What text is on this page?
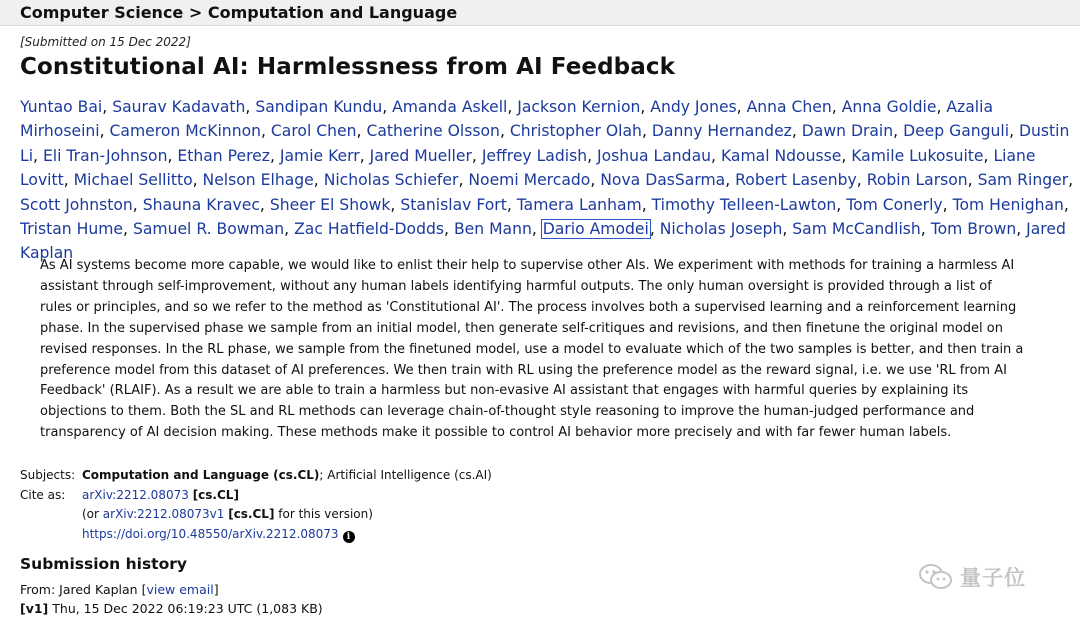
Computer Science > Computation and Language
[Submitted on 15 Dec 2022]
Constitutional AI: Harmlessness from AI Feedback
Yuntao Bai, Saurav Kadavath, Sandipan Kundu, Amanda Askell, Jackson Kernion, Andy Jones, Anna Chen, Anna Goldie, Azalia Mirhoseini, Cameron McKinnon, Carol Chen, Catherine Olsson, Christopher Olah, Danny Hernandez, Dawn Drain, Deep Ganguli, Dustin Li, Eli Tran-Johnson, Ethan Perez, Jamie Kerr, Jared Mueller, Jeffrey Ladish, Joshua Landau, Kamal Ndousse, Kamile Lukosuite, Liane Lovitt, Michael Sellitto, Nelson Elhage, Nicholas Schiefer, Noemi Mercado, Nova DasSarma, Robert Lasenby, Robin Larson, Sam Ringer, Scott Johnston, Shauna Kravec, Sheer El Showk, Stanislav Fort, Tamera Lanham, Timothy Telleen-Lawton, Tom Conerly, Tom Henighan, Tristan Hume, Samuel R. Bowman, Zac Hatfield-Dodds, Ben Mann, Dario Amodei, Nicholas Joseph, Sam McCandlish, Tom Brown, Jared Kaplan

As AI systems become more capable, we would like to enlist their help to supervise other AIs. We experiment with methods for training a harmless AI assistant through self-improvement, without any human labels identifying harmful outputs. The only human oversight is provided through a list of rules or principles, and so we refer to the method as 'Constitutional AI'. The process involves both a supervised learning and a reinforcement learning phase. In the supervised phase we sample from an initial model, then generate self-critiques and revisions, and then finetune the original model on revised responses. In the RL phase, we sample from the finetuned model, use a model to evaluate which of the two samples is better, and then train a preference model from this dataset of AI preferences. We then train with RL using the preference model as the reward signal, i.e. we use 'RL from AI Feedback' (RLAIF). As a result we are able to train a harmless but non-evasive AI assistant that engages with harmful queries by explaining its objections to them. Both the SL and RL methods can leverage chain-of-thought style reasoning to improve the human-judged performance and transparency of AI decision making. These methods make it possible to control AI behavior more precisely and with far fewer human labels.

Subjects: Computation and Language (cs.CL); Artificial Intelligence (cs.AI)
Cite as:	arXiv:2212.08073 [cs.CL]
(or arXiv:2212.08073v1 [cs.CL] for this version)
https://doi.org/10.48550/arXiv.2212.08073 i
Submission history
From: Jared Kaplan [view email]
[v1] Thu, 15 Dec 2022 06:19:23 UTC (1,083 KB)
量子位
